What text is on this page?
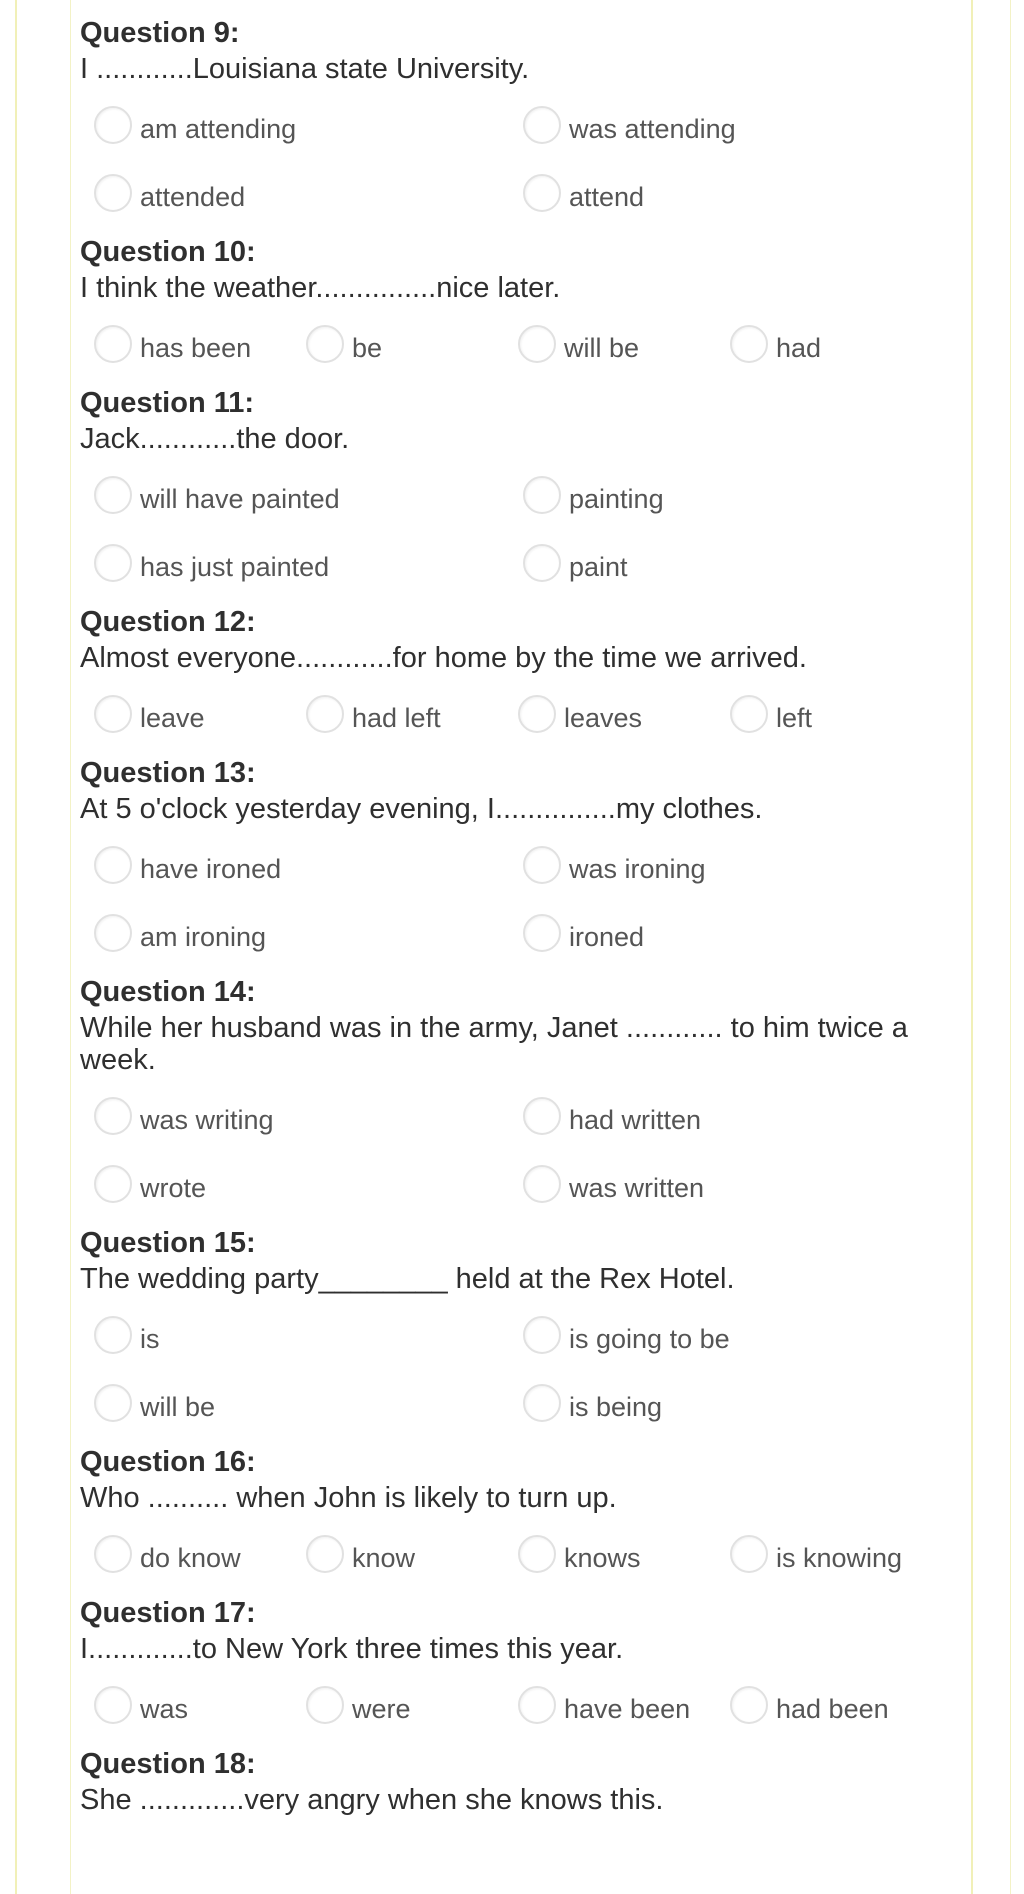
Question 9:
I ............Louisiana state University.
am attending	was attending
attended	attend
Question 10:
I think the weather...............nice later.
has been	be	will be	had
Question 11:
Jack............the door.
will have painted	painting
has just painted	paint
Question 12:
Almost everyone............for home by the time we arrived.
leave	had left	leaves	left
Question 13:
At 5 o'clock yesterday evening, I...............my clothes.
have ironed	was ironing
am ironing	ironed
Question 14:
While her husband was in the army, Janet ............ to him twice a week.
was writing	had written
wrote	was written
Question 15:
The wedding party________ held at the Rex Hotel.
is	is going to be
will be	is being
Question 16:
Who .......... when John is likely to turn up.
do know	know	knows	is knowing
Question 17:
I.............to New York three times this year.
was	were	have been	had been
Question 18:
She .............very angry when she knows this.
